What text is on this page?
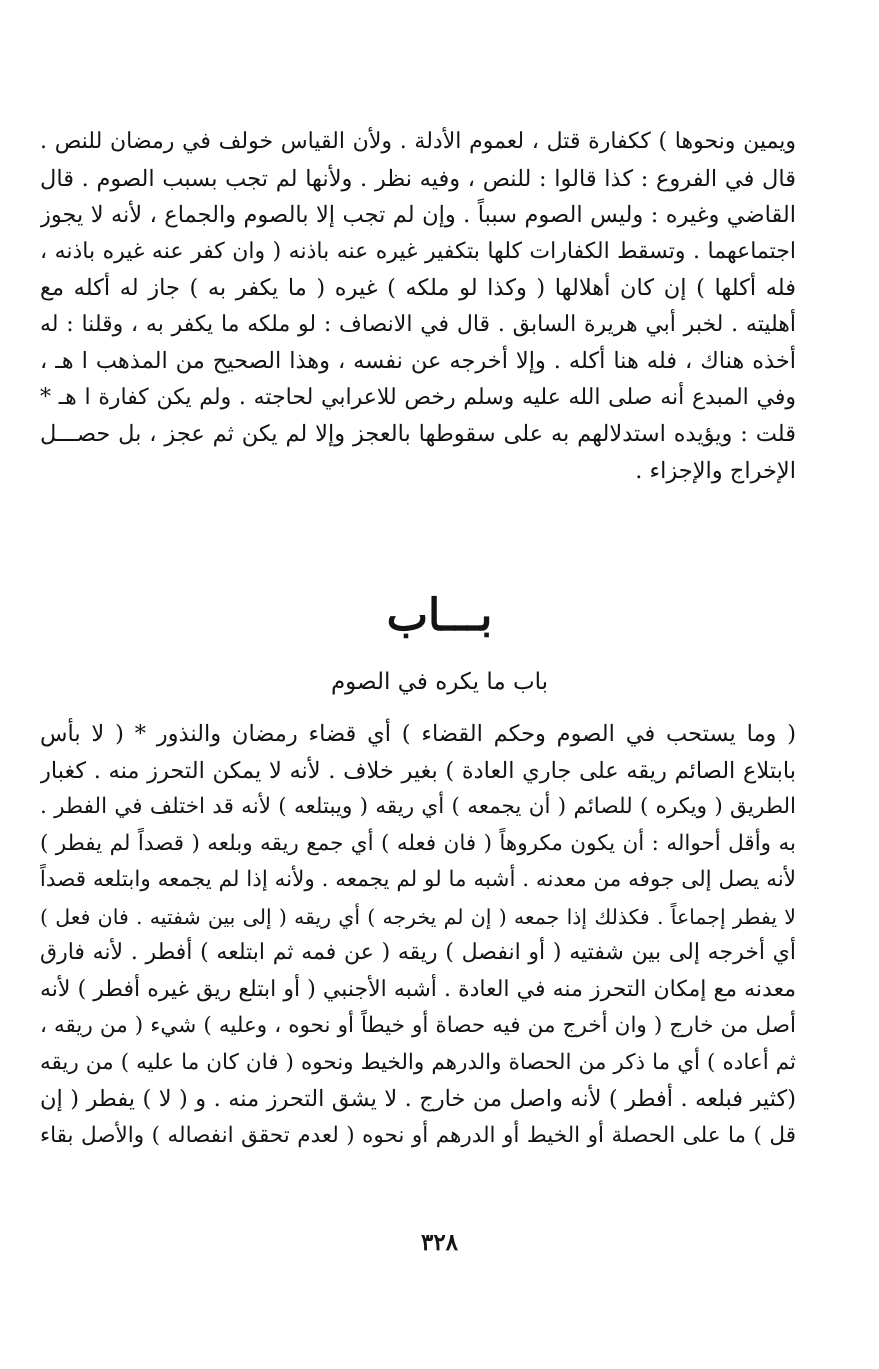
ويمين ونحوها ) ككفارة قتل ، لعموم الأدلة . ولأن القياس خولف في رمضان للنص .
قال في الفروع : كذا قالوا : للنص ، وفيه نظر . ولأنها لم تجب بسبب الصوم . قال
القاضي وغيره : وليس الصوم سبباً . وإن لم تجب إلا بالصوم والجماع ، لأنه لا يجوز
اجتماعهما . وتسقط الكفارات كلها بتكفير غيره عنه باذنه ( وان كفر عنه غيره باذنه ،
فله أكلها ) إن كان أهلالها ( وكذا لو ملكه ) غيره ( ما يكفر به ) جاز له أكله مع
أهليته . لخبر أبي هريرة السابق . قال في الانصاف : لو ملكه ما يكفر به ، وقلنا : له
أخذه هناك ، فله هنا أكله . وإلا أخرجه عن نفسه ، وهذا الصحيح من المذهب ا هـ ،
وفي المبدع أنه صلى الله عليه وسلم رخص للاعرابي لحاجته . ولم يكن كفارة ا هـ *
قلت : ويؤيده استدلالهم به على سقوطها بالعجز وإلا لم يكن ثم عجز ، بل حصـــل
الإخراج والإجزاء .
بـــاب
باب ما يكره في الصوم
( وما يستحب في الصوم وحكم القضاء ) أي قضاء رمضان والنذور * ( لا بأس
بابتلاع الصائم ريقه على جاري العادة ) بغير خلاف . لأنه لا يمكن التحرز منه . كغبار
الطريق ( ويكره ) للصائم ( أن يجمعه ) أي ريقه ( ويبتلعه ) لأنه قد اختلف في الفطر .
به وأقل أحواله : أن يكون مكروهاً ( فان فعله ) أي جمع ريقه وبلعه ( قصداً لم يفطر )
لأنه يصل إلى جوفه من معدنه . أشبه ما لو لم يجمعه . ولأنه إذا لم يجمعه وابتلعه قصداً
لا يفطر إجماعاً . فكذلك إذا جمعه ( إن لم يخرجه ) أي ريقه ( إلى بين شفتيه . فان فعل )
أي أخرجه إلى بين شفتيه ( أو انفصل ) ريقه ( عن فمه ثم ابتلعه ) أفطر . لأنه فارق
معدنه مع إمكان التحرز منه في العادة . أشبه الأجنبي ( أو ابتلع ريق غيره أفطر ) لأنه
أصل من خارج ( وان أخرج من فيه حصاة أو خيطاً أو نحوه ، وعليه ) شيء ( من ريقه ،
ثم أعاده ) أي ما ذكر من الحصاة والدرهم والخيط ونحوه ( فان كان ما عليه ) من ريقه
(كثير فبلعه . أفطر ) لأنه واصل من خارج . لا يشق التحرز منه . و ( لا ) يفطر ( إن
قل ) ما على الحصلة أو الخيط أو الدرهم أو نحوه ( لعدم تحقق انفصاله ) والأصل بقاء
٣٢٨
